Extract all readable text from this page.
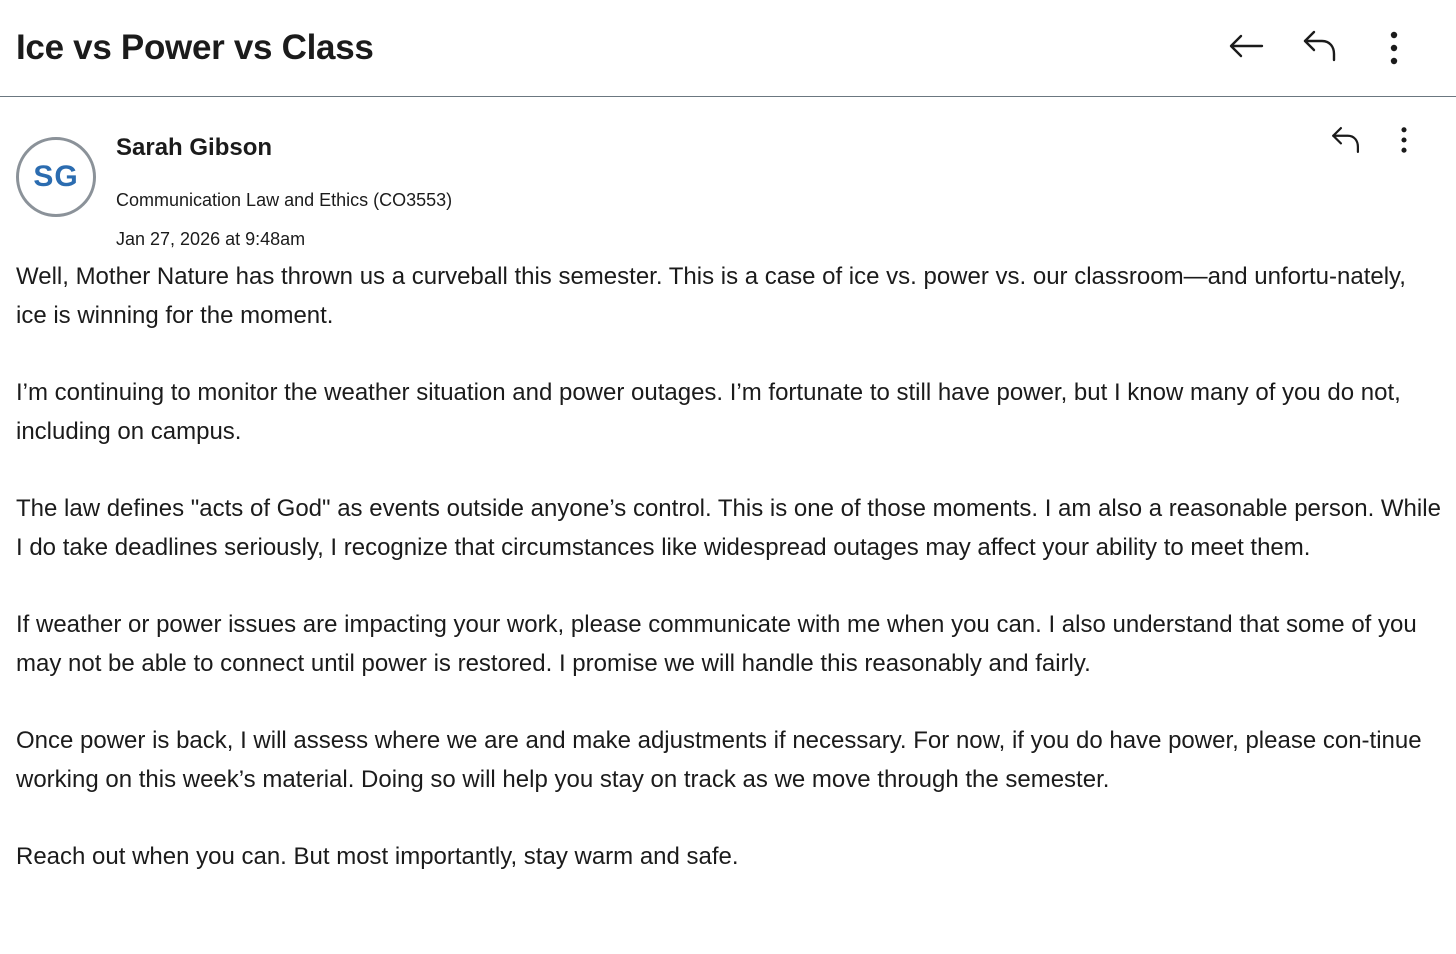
Ice vs Power vs Class
SG
Sarah Gibson
Communication Law and Ethics (CO3553)
Jan 27, 2026 at 9:48am

Well, Mother Nature has thrown us a curveball this semester. This is a case of ice vs. power vs. our classroom—and unfortu-nately, ice is winning for the moment.

I’m continuing to monitor the weather situation and power outages. I’m fortunate to still have power, but I know many of you do not, including on campus.

The law defines "acts of God" as events outside anyone’s control. This is one of those moments. I am also a reasonable person. While I do take deadlines seriously, I recognize that circumstances like widespread outages may affect your ability to meet them.

If weather or power issues are impacting your work, please communicate with me when you can. I also understand that some of you may not be able to connect until power is restored. I promise we will handle this reasonably and fairly.

Once power is back, I will assess where we are and make adjustments if necessary. For now, if you do have power, please con-tinue working on this week’s material. Doing so will help you stay on track as we move through the semester.

Reach out when you can. But most importantly, stay warm and safe.
